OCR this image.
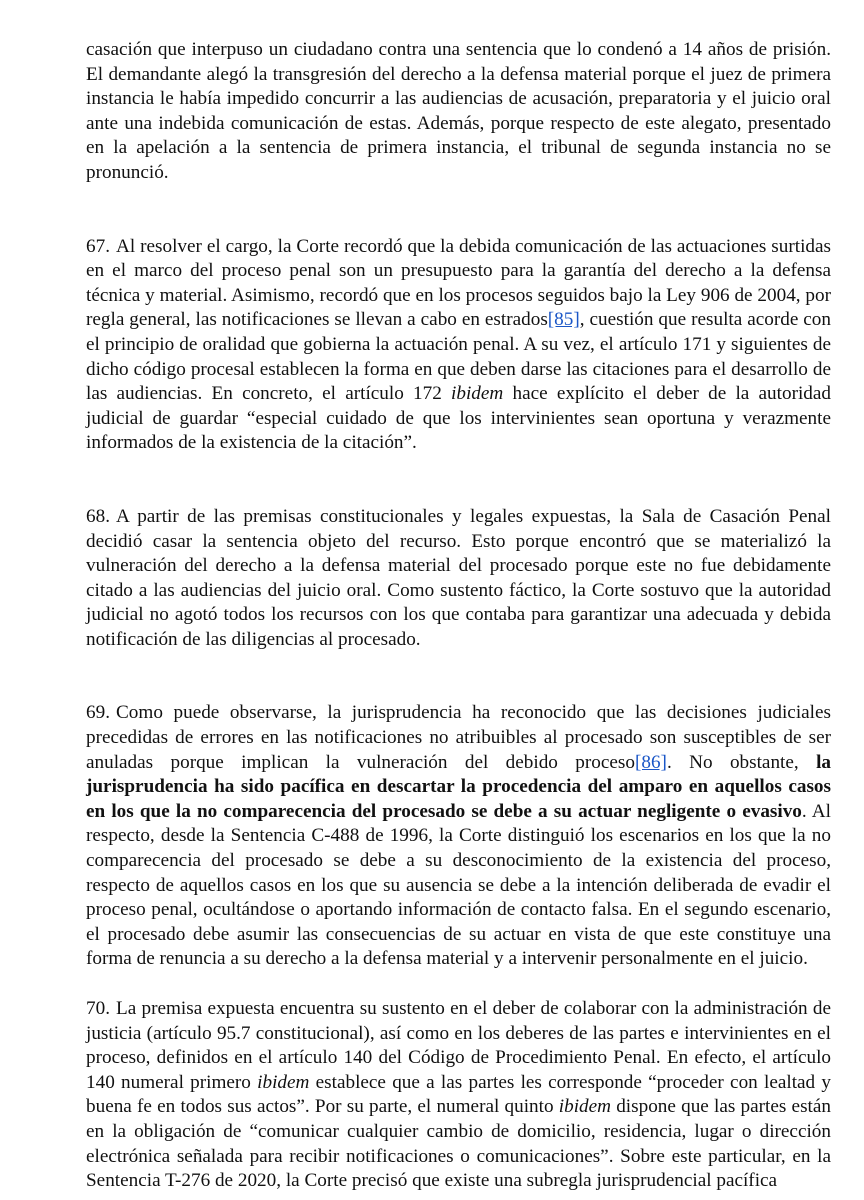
casación que interpuso un ciudadano contra una sentencia que lo condenó a 14 años de prisión. El demandante alegó la transgresión del derecho a la defensa material porque el juez de primera instancia le había impedido concurrir a las audiencias de acusación, preparatoria y el juicio oral ante una indebida comunicación de estas. Además, porque respecto de este alegato, presentado en la apelación a la sentencia de primera instancia, el tribunal de segunda instancia no se pronunció.

67. Al resolver el cargo, la Corte recordó que la debida comunicación de las actuaciones surtidas en el marco del proceso penal son un presupuesto para la garantía del derecho a la defensa técnica y material. Asimismo, recordó que en los procesos seguidos bajo la Ley 906 de 2004, por regla general, las notificaciones se llevan a cabo en estrados[85], cuestión que resulta acorde con el principio de oralidad que gobierna la actuación penal. A su vez, el artículo 171 y siguientes de dicho código procesal establecen la forma en que deben darse las citaciones para el desarrollo de las audiencias. En concreto, el artículo 172 ibidem hace explícito el deber de la autoridad judicial de guardar “especial cuidado de que los intervinientes sean oportuna y verazmente informados de la existencia de la citación”.

68. A partir de las premisas constitucionales y legales expuestas, la Sala de Casación Penal decidió casar la sentencia objeto del recurso. Esto porque encontró que se materializó la vulneración del derecho a la defensa material del procesado porque este no fue debidamente citado a las audiencias del juicio oral. Como sustento fáctico, la Corte sostuvo que la autoridad judicial no agotó todos los recursos con los que contaba para garantizar una adecuada y debida notificación de las diligencias al procesado.

69. Como puede observarse, la jurisprudencia ha reconocido que las decisiones judiciales precedidas de errores en las notificaciones no atribuibles al procesado son susceptibles de ser anuladas porque implican la vulneración del debido proceso[86]. No obstante, la jurisprudencia ha sido pacífica en descartar la procedencia del amparo en aquellos casos en los que la no comparecencia del procesado se debe a su actuar negligente o evasivo. Al respecto, desde la Sentencia C-488 de 1996, la Corte distinguió los escenarios en los que la no comparecencia del procesado se debe a su desconocimiento de la existencia del proceso, respecto de aquellos casos en los que su ausencia se debe a la intención deliberada de evadir el proceso penal, ocultándose o aportando información de contacto falsa. En el segundo escenario, el procesado debe asumir las consecuencias de su actuar en vista de que este constituye una forma de renuncia a su derecho a la defensa material y a intervenir personalmente en el juicio.

70. La premisa expuesta encuentra su sustento en el deber de colaborar con la administración de justicia (artículo 95.7 constitucional), así como en los deberes de las partes e intervinientes en el proceso, definidos en el artículo 140 del Código de Procedimiento Penal. En efecto, el artículo 140 numeral primero ibidem establece que a las partes les corresponde “proceder con lealtad y buena fe en todos sus actos”. Por su parte, el numeral quinto ibidem dispone que las partes están en la obligación de “comunicar cualquier cambio de domicilio, residencia, lugar o dirección electrónica señalada para recibir notificaciones o comunicaciones”. Sobre este particular, en la Sentencia T-276 de 2020, la Corte precisó que existe una subregla jurisprudencial pacífica
